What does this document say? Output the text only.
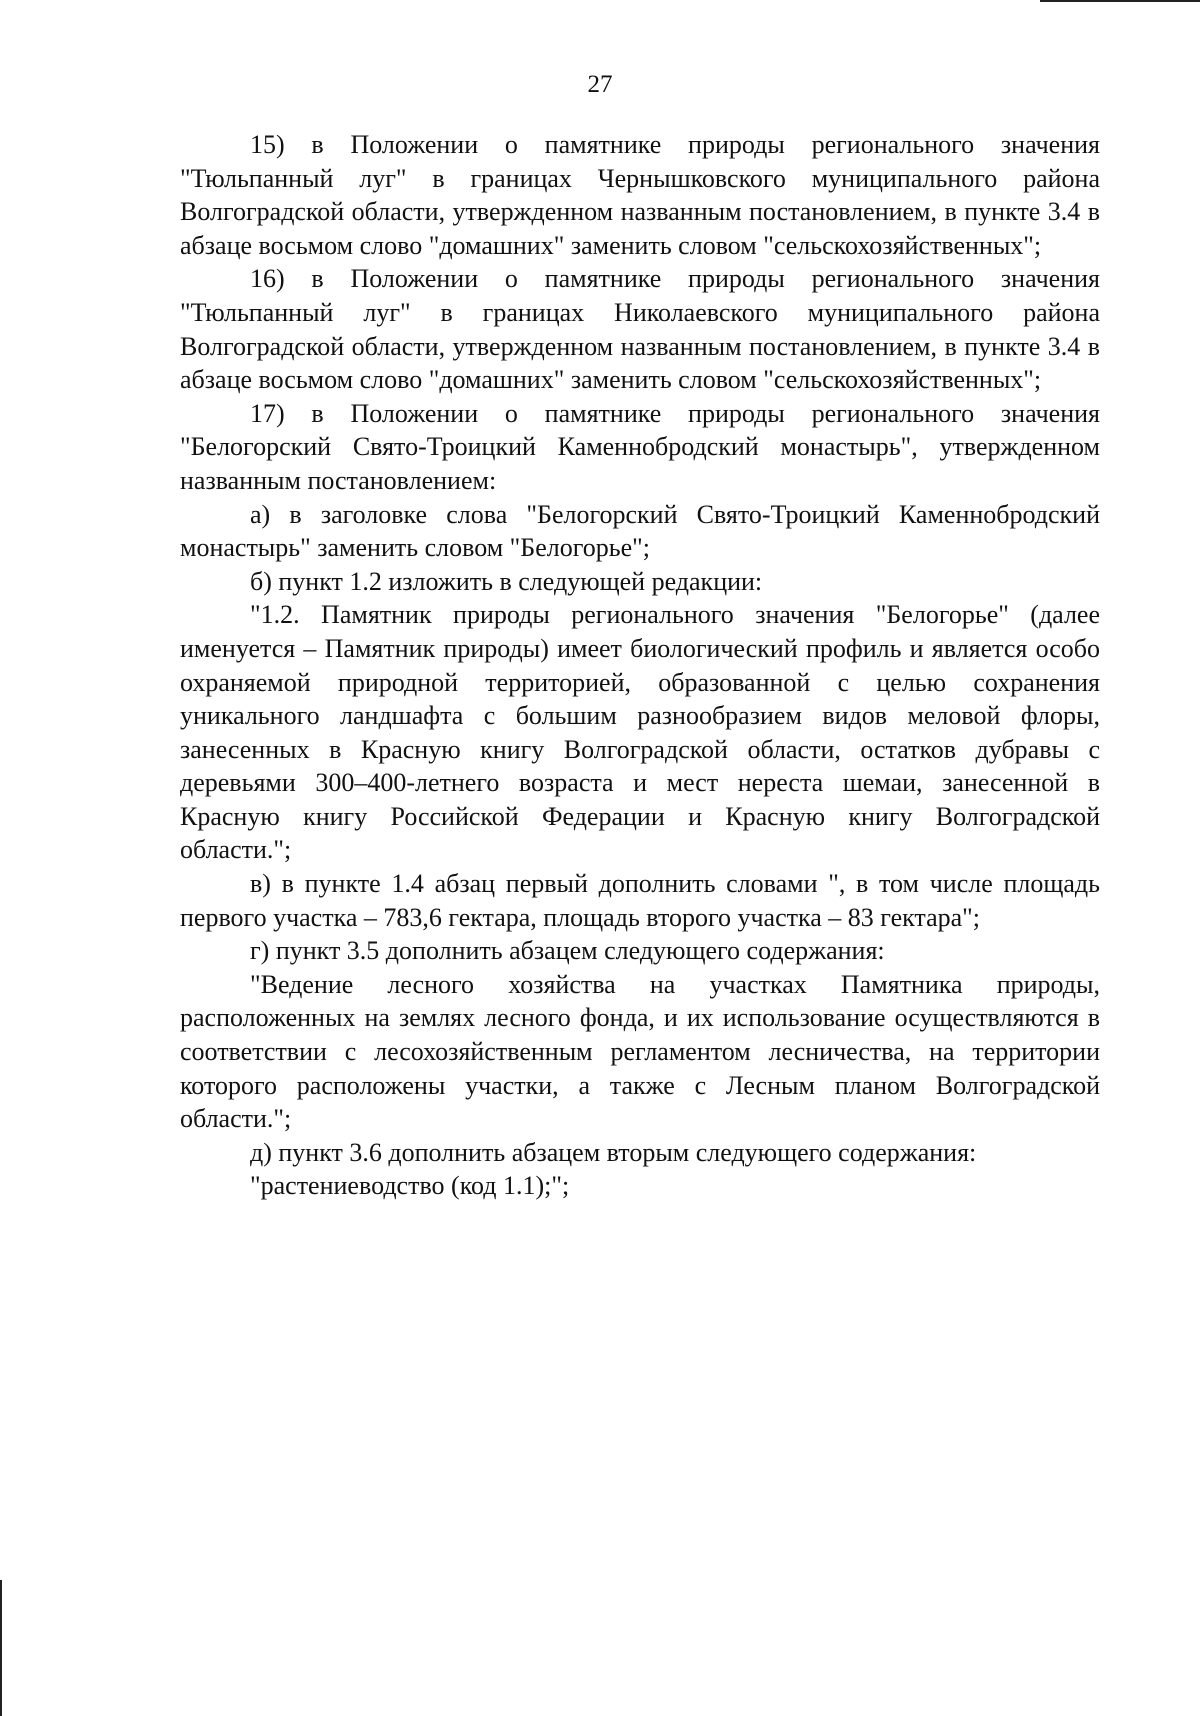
27

15) в Положении о памятнике природы регионального значения "Тюльпанный луг" в границах Чернышковского муниципального района Волгоградской области, утвержденном названным постановлением, в пункте 3.4 в абзаце восьмом слово "домашних" заменить словом "сельскохозяйственных";

16) в Положении о памятнике природы регионального значения "Тюльпанный луг" в границах Николаевского муниципального района Волгоградской области, утвержденном названным постановлением, в пункте 3.4 в абзаце восьмом слово "домашних" заменить словом "сельскохозяйственных";

17) в Положении о памятнике природы регионального значения "Белогорский Свято-Троицкий Каменнобродский монастырь", утвержденном названным постановлением:

а) в заголовке слова "Белогорский Свято-Троицкий Каменнобродский монастырь" заменить словом "Белогорье";

б) пункт 1.2 изложить в следующей редакции:

"1.2. Памятник природы регионального значения "Белогорье" (далее именуется – Памятник природы) имеет биологический профиль и является особо охраняемой природной территорией, образованной с целью сохранения уникального ландшафта с большим разнообразием видов меловой флоры, занесенных в Красную книгу Волгоградской области, остатков дубравы с деревьями 300–400-летнего возраста и мест нереста шемаи, занесенной в Красную книгу Российской Федерации и Красную книгу Волгоградской области.";

в) в пункте 1.4 абзац первый дополнить словами ", в том числе площадь первого участка – 783,6 гектара, площадь второго участка – 83 гектара";

г) пункт 3.5 дополнить абзацем следующего содержания:

"Ведение лесного хозяйства на участках Памятника природы, расположенных на землях лесного фонда, и их использование осуществляются в соответствии с лесохозяйственным регламентом лесничества, на территории которого расположены участки, а также с Лесным планом Волгоградской области.";

д) пункт 3.6 дополнить абзацем вторым следующего содержания:

"растениеводство (код 1.1);";
